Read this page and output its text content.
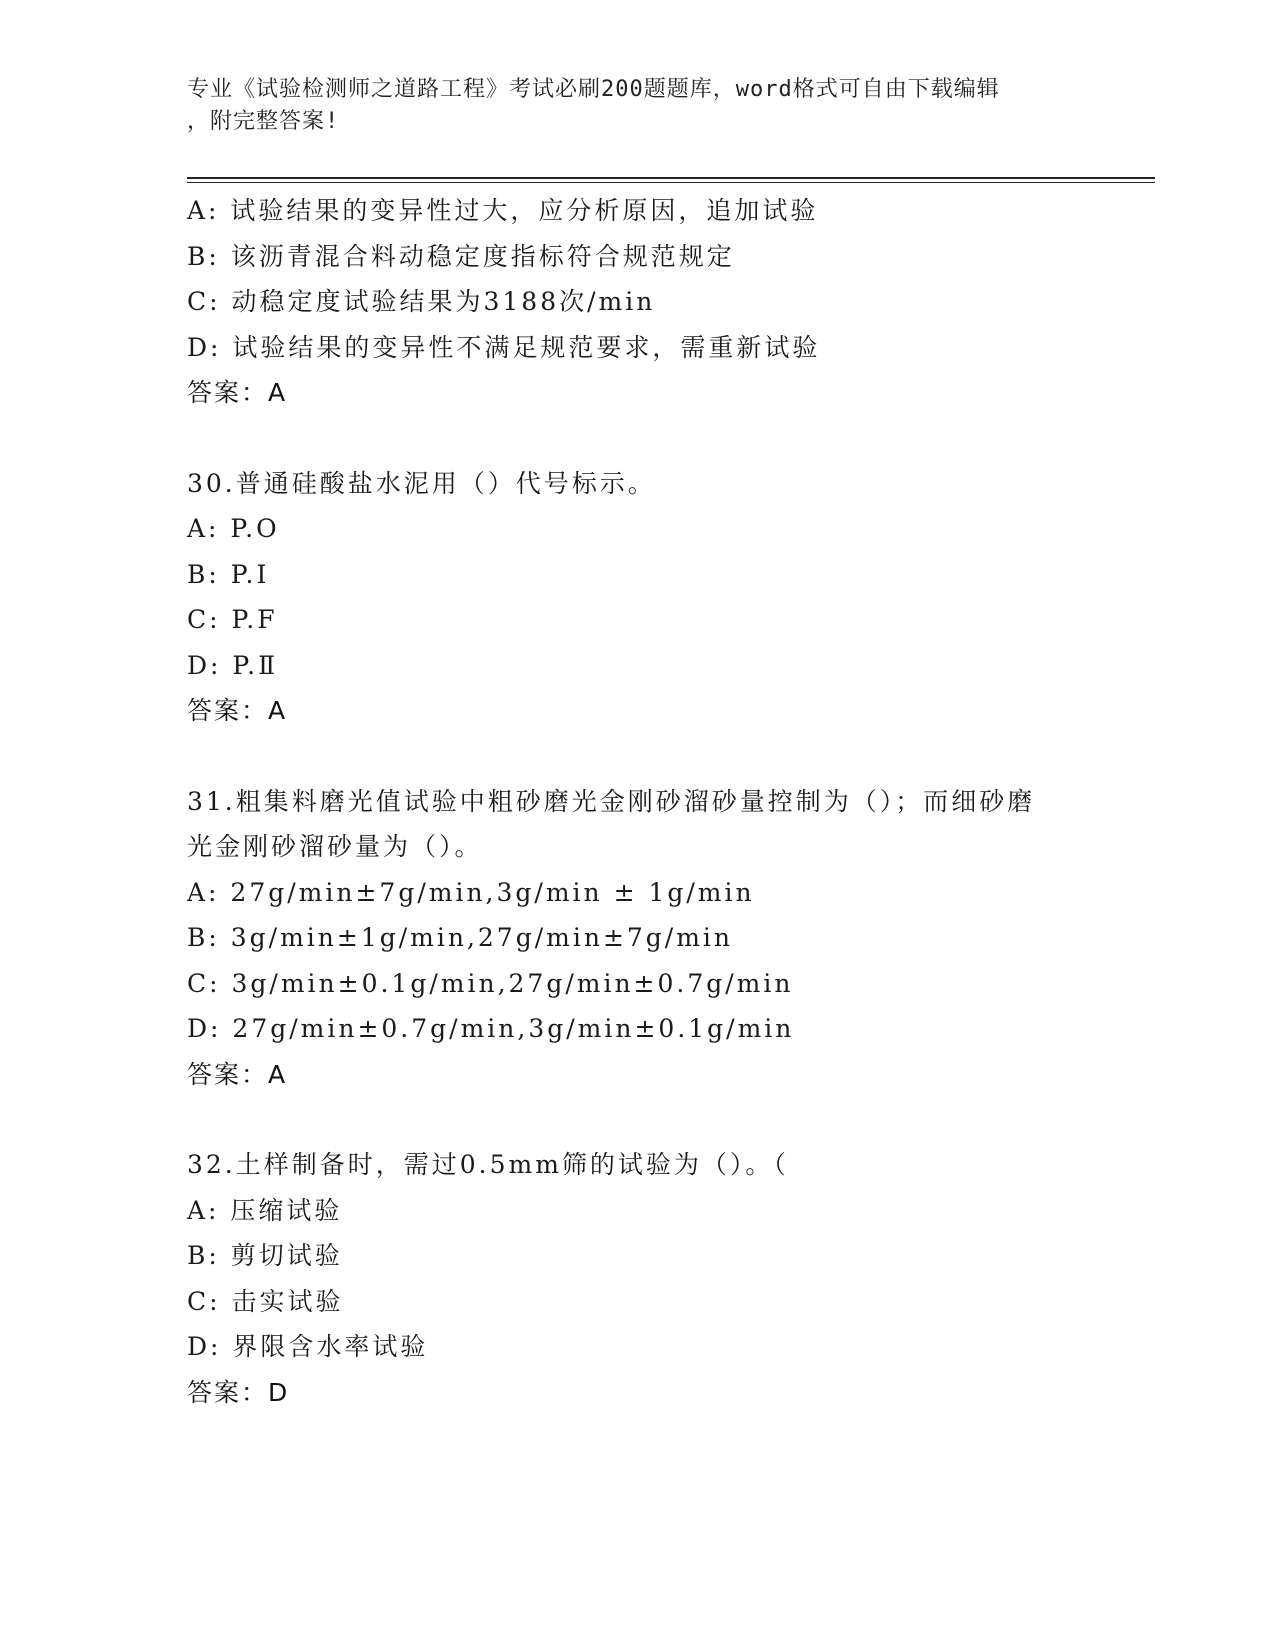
专业《试验检测师之道路工程》考试必刷200题题库，word格式可自由下载编辑
，附完整答案!
A: 试验结果的变异性过大，应分析原因，追加试验
B: 该沥青混合料动稳定度指标符合规范规定
C: 动稳定度试验结果为3188次/min
D: 试验结果的变异性不满足规范要求，需重新试验
答案：A
30.普通硅酸盐水泥用（）代号标示。
A: P.O
B: P.Ⅰ
C: P.F
D: P.Ⅱ
答案：A
31.粗集料磨光值试验中粗砂磨光金刚砂溜砂量控制为（）；而细砂磨
光金刚砂溜砂量为（）。
A: 27g/min±7g/min,3g/min ± 1g/min
B: 3g/min±1g/min,27g/min±7g/min
C: 3g/min±0.1g/min,27g/min±0.7g/min
D: 27g/min±0.7g/min,3g/min±0.1g/min
答案：A
32.土样制备时，需过0.5mm筛的试验为（）。（
A: 压缩试验
B: 剪切试验
C: 击实试验
D: 界限含水率试验
答案：D
